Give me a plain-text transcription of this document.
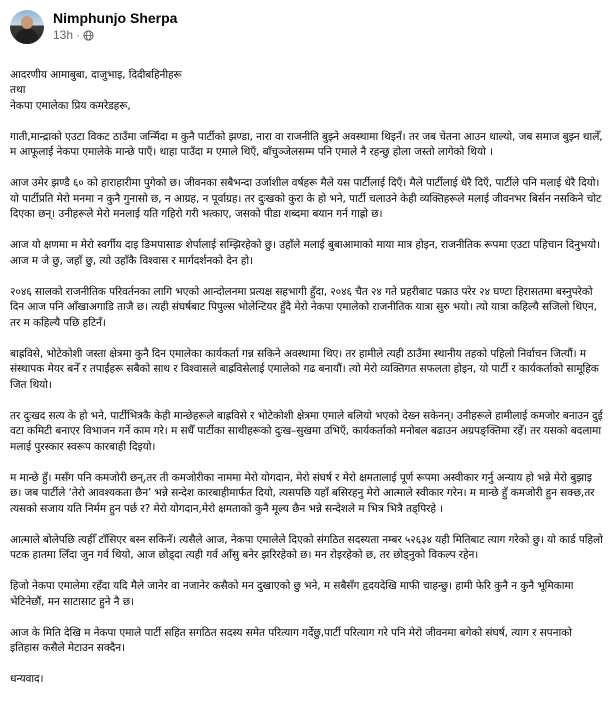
Nimphunjo Sherpa
13h ·

आदरणीय आमाबुबा, दाजुभाइ, दिदीबहिनीहरू
तथा
नेकपा एमालेका प्रिय कमरेडहरू,

गाती,मान्द्राको एउटा विकट ठाउँमा जन्मिँदा म कुनै पार्टीको झण्डा, नारा वा राजनीति बुझ्ने अवस्थामा थिइनँ। तर जब चेतना आउन थाल्यो, जब समाज बुझ्न थालेँ, म आफूलाई नेकपा एमालेके मान्छे पाएँ। थाहा पाउँदा म एमाले थिएँ, बाँचुञ्जेलसम्म पनि एमाले नै रहन्छु होला जस्तो लागेको थियो ।

आज उमेर झण्डै ६० को हाराहारीमा पुगेको छ। जीवनका सबैभन्दा उर्जाशील वर्षहरू मैले यस पार्टीलाई दिएँ। मैले पार्टीलाई धेरै दिएँ, पार्टीले पनि मलाई धेरै दियो। यो पार्टीप्रति मेरो मनमा न कुनै गुनासो छ, न आग्रह, न पूर्वाग्रह। तर दुःखको कुरा के हो भने, पार्टी चलाउने केही व्यक्तिहरूले मलाई जीवनभर बिर्सन नसकिने चोट दिएका छन्। उनीहरूले मेरो मनलाई यति गहिरो गरी भत्काए, जसको पीडा शब्दमा बयान गर्न गाह्रो छ।

आज यो क्षणमा म मेरो स्वर्गीय दाइ ङिमपासाङ शेर्पालाई सम्झिरहेको छु। उहाँले मलाई बुबाआमाको माया मात्र होइन, राजनीतिक रूपमा एउटा पहिचान दिनुभयो। आज म जे छु, जहाँ छु, त्यो उहाँकै विश्वास र मार्गदर्शनको देन हो।

२०४६ सालको राजनीतिक परिवर्तनका लागि भएको आन्दोलनमा प्रत्यक्ष सहभागी हुँदा, २०४६ चैत २४ गते प्रहरीबाट पक्राउ परेर २४ घण्टा हिरासतमा बस्नुपरेको दिन आज पनि आँखाअगाडि ताजै छ। त्यही संघर्षबाट पिपुल्स भोलेन्टियर हुँदै मेरो नेकपा एमालेको राजनीतिक यात्रा सुरु भयो। त्यो यात्रा कहिल्यै सजिलो थिएन, तर म कहिल्यै पछि हटिनँ।

बाह्रविसे, भोटेकोशी जस्ता क्षेत्रमा कुनै दिन एमालेका कार्यकर्ता गन्न सकिने अवस्थामा थिए। तर हामीले त्यही ठाउँमा स्थानीय तहको पहिलो निर्वाचन जित्यौं। म संस्थापक मेयर बनेँ र तपाईंहरू सबैको साथ र विश्वासले बाह्रविसेलाई एमालेको गढ बनायौं। त्यो मेरो व्यक्तिगत सफलता होइन, यो पार्टी र कार्यकर्ताको सामूहिक जित थियो।

तर दुःखद सत्य के हो भने, पार्टीभित्रकै केही मान्छेहरूले बाह्रविसे र भोटेकोशी क्षेत्रमा एमाले बलियो भएको देख्न सकेनन्। उनीहरूले हामीलाई कमजोर बनाउन दुई वटा कमिटी बनाएर विभाजन गर्ने काम गरे। म सधैँ पार्टीका साथीहरूको दुःख–सुखमा उभिएँ, कार्यकर्ताको मनोबल बढाउन अग्रपङ्क्तिमा रहेँ। तर यसको बदलामा मलाई पुरस्कार स्वरूप कारबाही दिइयो।

म मान्छे हुँ। मसँग पनि कमजोरी छन्,तर ती कमजोरीका नाममा मेरो योगदान, मेरो संघर्ष र मेरो क्षमतालाई पूर्ण रूपमा अस्वीकार गर्नु अन्याय हो भन्ने मेरो बुझाइ छ। जब पार्टीले ‘तेरो आवश्यकता छैन’ भन्ने सन्देश कारबाहीमार्फत दियो, त्यसपछि यहाँ बसिरहनु मेरो आत्माले स्वीकार गरेन। म मान्छे हुँ कमजोरी हुन सक्छ,तर त्यसको सजाय यति निर्मम हुन पर्छ र? मेरो योगदान,मेरो क्षमताको कुनै मूल्य छैन भन्ने सन्देशले म भित्र भित्रै तड्पिरहे ।

आत्माले बोलेपछि त्यहीँ टाँसिएर बस्न सकिनँ। त्यसैले आज, नेकपा एमालेले दिएको संगठित सदस्यता नम्बर ५२६३४ यही मितिबाट त्याग गरेको छु। यो कार्ड पहिलो पटक हातमा लिँदा जुन गर्व थियो, आज छोड्दा त्यही गर्व आँसु बनेर झरिरहेको छ। मन रोइरहेको छ, तर छोड्नुको विकल्प रहेन।

हिजो नेकपा एमालेमा रहँदा यदि मैले जानेर वा नजानेर कसैको मन दुखाएको छु भने, म सबैसँग हृदयदेखि माफी चाहन्छु। हामी फेरि कुनै न कुनै भूमिकामा भेटिनेछौं, मन साटासाट हुने नै छ।

आज के मिति देखि म नेकपा एमाले पार्टी सहित सगठित सदस्य समेत परित्याग गर्देछु,पार्टी परित्याग गरे पनि मेरो जीवनमा बगेको संघर्ष, त्याग र सपनाको इतिहास कसैले मेटाउन सक्दैन।

धन्यवाद।
